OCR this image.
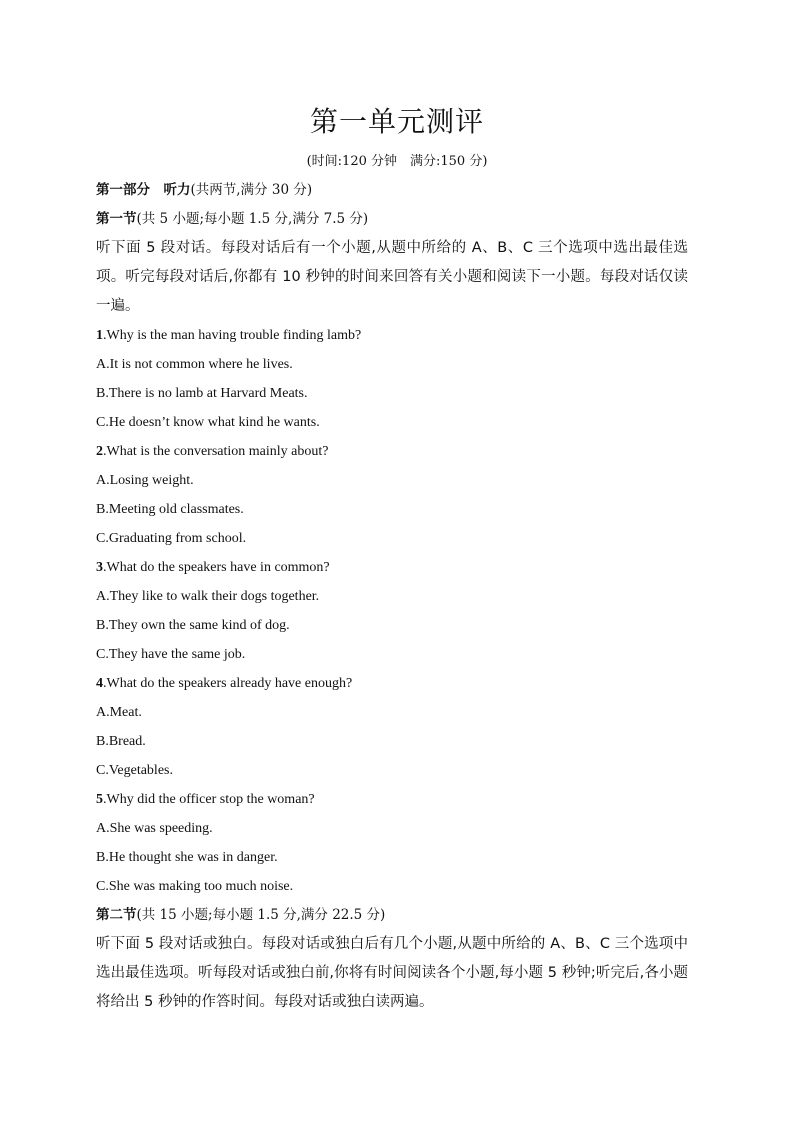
第一单元测评
(时间:120 分钟　满分:150 分)
第一部分　听力(共两节,满分 30 分)
第一节(共 5 小题;每小题 1.5 分,满分 7.5 分)
听下面 5 段对话。每段对话后有一个小题,从题中所给的 A、B、C 三个选项中选出最佳选项。听完每段对话后,你都有 10 秒钟的时间来回答有关小题和阅读下一小题。每段对话仅读一遍。
1.Why is the man having trouble finding lamb?
A.It is not common where he lives.
B.There is no lamb at Harvard Meats.
C.He doesn’t know what kind he wants.
2.What is the conversation mainly about?
A.Losing weight.
B.Meeting old classmates.
C.Graduating from school.
3.What do the speakers have in common?
A.They like to walk their dogs together.
B.They own the same kind of dog.
C.They have the same job.
4.What do the speakers already have enough?
A.Meat.
B.Bread.
C.Vegetables.
5.Why did the officer stop the woman?
A.She was speeding.
B.He thought she was in danger.
C.She was making too much noise.
第二节(共 15 小题;每小题 1.5 分,满分 22.5 分)
听下面 5 段对话或独白。每段对话或独白后有几个小题,从题中所给的 A、B、C 三个选项中选出最佳选项。听每段对话或独白前,你将有时间阅读各个小题,每小题 5 秒钟;听完后,各小题将给出 5 秒钟的作答时间。每段对话或独白读两遍。
